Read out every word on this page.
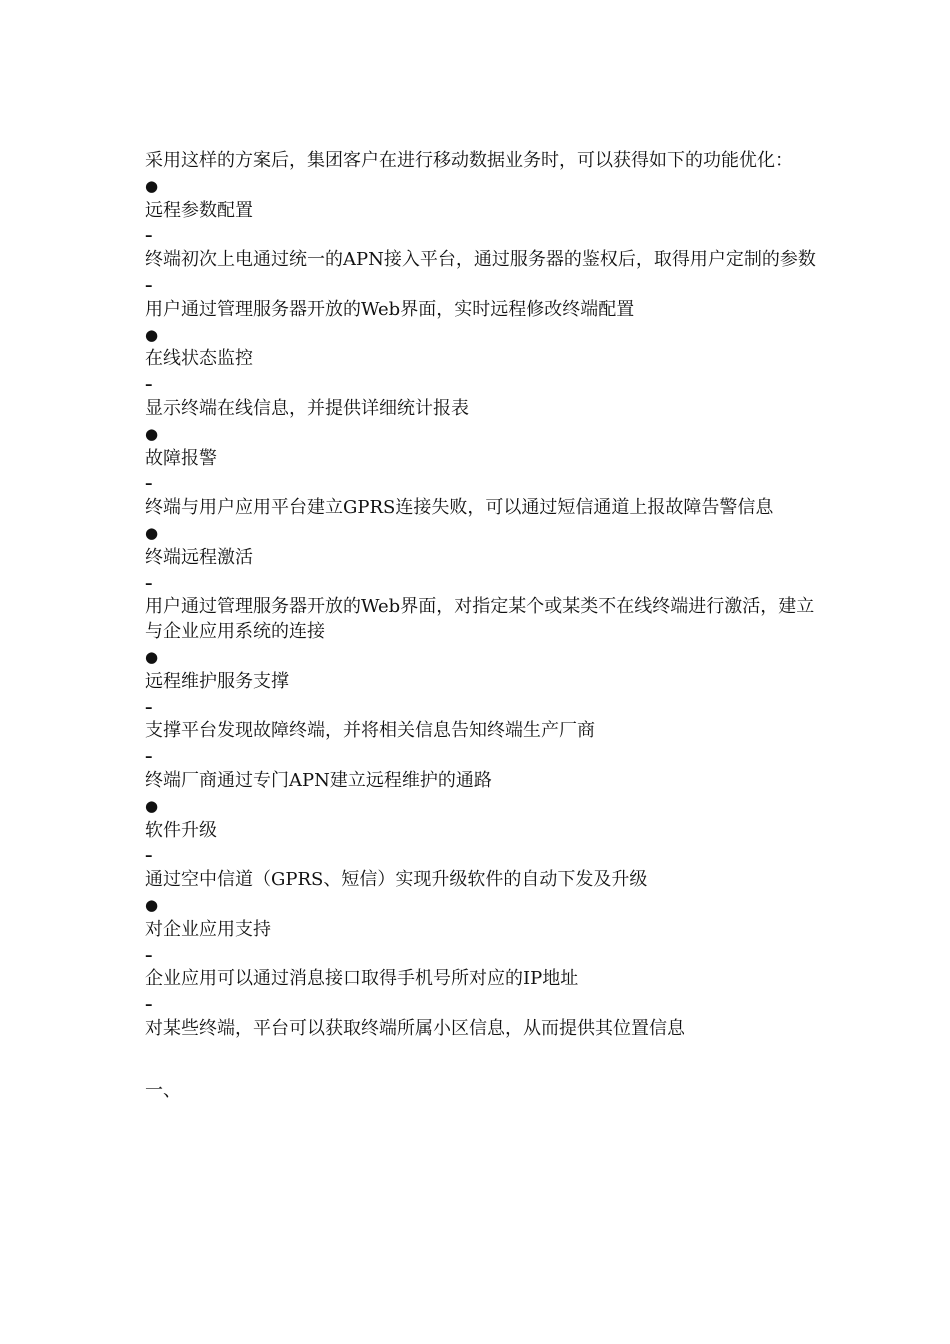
采用这样的方案后，集团客户在进行移动数据业务时，可以获得如下的功能优化：

●

远程参数配置

–

终端初次上电通过统一的APN接入平台，通过服务器的鉴权后，取得用户定制的参数

–

用户通过管理服务器开放的Web界面，实时远程修改终端配置

●

在线状态监控

–

显示终端在线信息，并提供详细统计报表

●

故障报警

–

终端与用户应用平台建立GPRS连接失败，可以通过短信通道上报故障告警信息

●

终端远程激活

–

用户通过管理服务器开放的Web界面，对指定某个或某类不在线终端进行激活，建立与企业应用系统的连接

●

远程维护服务支撑

–

支撑平台发现故障终端，并将相关信息告知终端生产厂商

–

终端厂商通过专门APN建立远程维护的通路

●

软件升级

–

通过空中信道（GPRS、短信）实现升级软件的自动下发及升级

●

对企业应用支持

–

企业应用可以通过消息接口取得手机号所对应的IP地址

–

对某些终端，平台可以获取终端所属小区信息，从而提供其位置信息

一、
